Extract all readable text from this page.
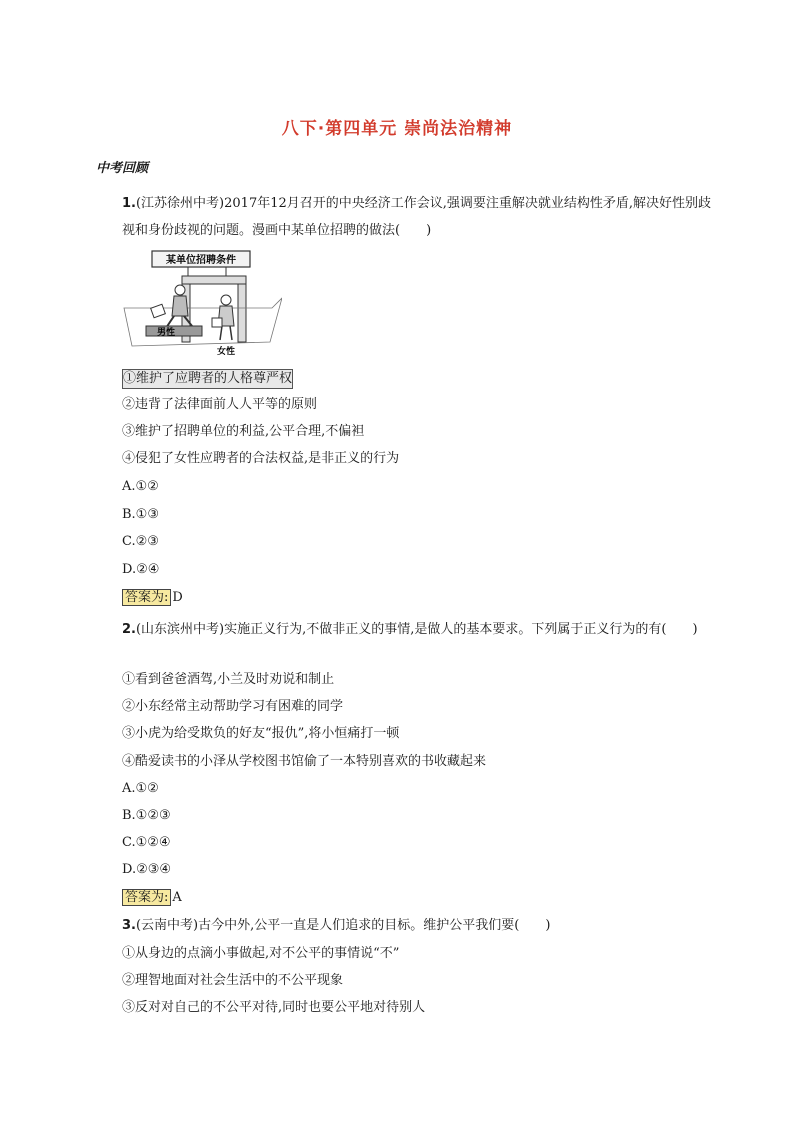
八下·第四单元 崇尚法治精神
中考回顾
1.(江苏徐州中考)2017年12月召开的中央经济工作会议,强调要注重解决就业结构性矛盾,解决好性别歧视和身份歧视的问题。漫画中某单位招聘的做法(　　)
某单位招聘条件
男性
女性
①维护了应聘者的人格尊严权
②违背了法律面前人人平等的原则
③维护了招聘单位的利益,公平合理,不偏袒
④侵犯了女性应聘者的合法权益,是非正义的行为
A.①②
B.①③
C.②③
D.②④
答案为: D
2.(山东滨州中考)实施正义行为,不做非正义的事情,是做人的基本要求。下列属于正义行为的有(　　)
①看到爸爸酒驾,小兰及时劝说和制止
②小东经常主动帮助学习有困难的同学
③小虎为给受欺负的好友“报仇”,将小恒痛打一顿
④酷爱读书的小泽从学校图书馆偷了一本特别喜欢的书收藏起来
A.①②
B.①②③
C.①②④
D.②③④
答案为: A
3.(云南中考)古今中外,公平一直是人们追求的目标。维护公平我们要(　　)
①从身边的点滴小事做起,对不公平的事情说“不”
②理智地面对社会生活中的不公平现象
③反对对自己的不公平对待,同时也要公平地对待别人
